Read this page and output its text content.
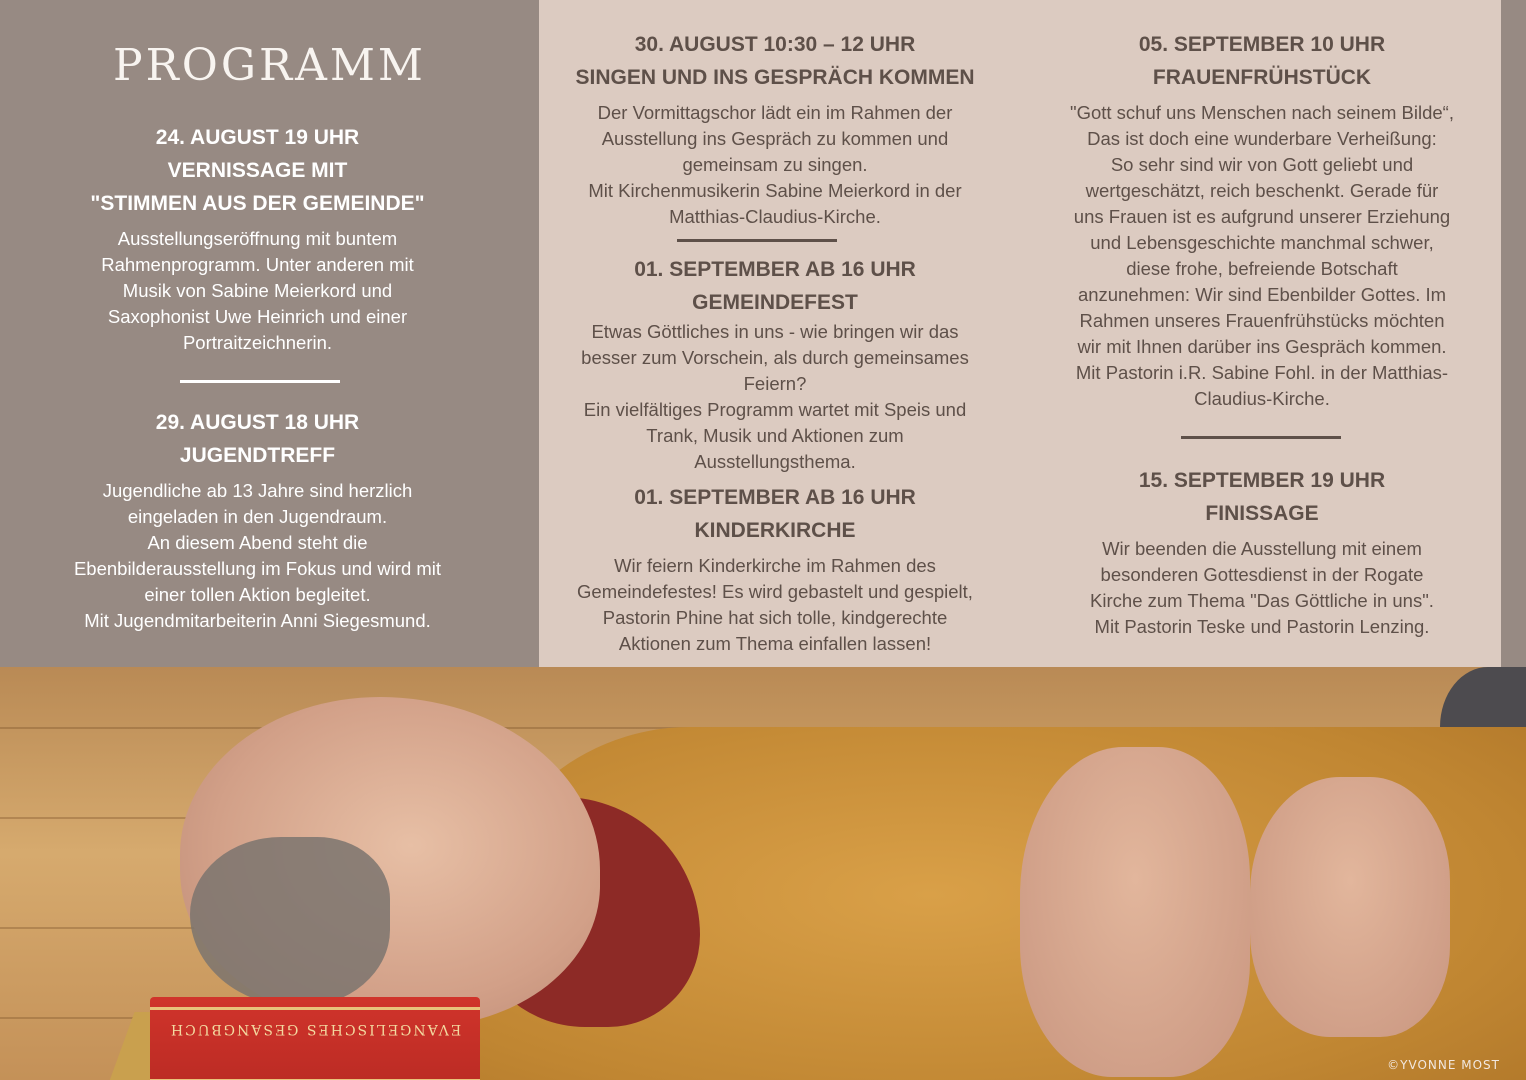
PROGRAMM

24. AUGUST 19 UHR

VERNISSAGE MIT

"STIMMEN AUS DER GEMEINDE"

Ausstellungseröffnung mit buntem
Rahmenprogramm. Unter anderen mit
Musik von Sabine Meierkord und
Saxophonist Uwe Heinrich und einer
Portraitzeichnerin.

29. AUGUST 18 UHR

JUGENDTREFF

Jugendliche ab 13 Jahre sind herzlich
eingeladen in den Jugendraum.
An diesem Abend steht die
Ebenbilderausstellung im Fokus und wird mit
einer tollen Aktion begleitet.
Mit Jugendmitarbeiterin Anni Siegesmund.

30. AUGUST 10:30 – 12 UHR

SINGEN UND INS GESPRÄCH KOMMEN

Der Vormittagschor lädt ein im Rahmen der
Ausstellung ins Gespräch zu kommen und
gemeinsam zu singen.
Mit Kirchenmusikerin Sabine Meierkord in der
Matthias-Claudius-Kirche.

01. SEPTEMBER AB 16 UHR

GEMEINDEFEST

Etwas Göttliches in uns - wie bringen wir das
besser zum Vorschein, als durch gemeinsames
Feiern?
Ein vielfältiges Programm wartet mit Speis und
Trank, Musik und Aktionen zum
Ausstellungsthema.

01. SEPTEMBER AB 16 UHR

KINDERKIRCHE

Wir feiern Kinderkirche im Rahmen des
Gemeindefestes! Es wird gebastelt und gespielt,
Pastorin Phine hat sich tolle, kindgerechte
Aktionen zum Thema einfallen lassen!

05. SEPTEMBER 10 UHR

FRAUENFRÜHSTÜCK

"Gott schuf uns Menschen nach seinem Bilde“,
Das ist doch eine wunderbare Verheißung:
So sehr sind wir von Gott geliebt und
wertgeschätzt, reich beschenkt. Gerade für
uns Frauen ist es aufgrund unserer Erziehung
und Lebensgeschichte manchmal schwer,
diese frohe, befreiende Botschaft
anzunehmen: Wir sind Ebenbilder Gottes. Im
Rahmen unseres Frauenfrühstücks möchten
wir mit Ihnen darüber ins Gespräch kommen.
Mit Pastorin i.R. Sabine Fohl. in der Matthias-
Claudius-Kirche.

15. SEPTEMBER 19 UHR

FINISSAGE

Wir beenden die Ausstellung mit einem
besonderen Gottesdienst in der Rogate
Kirche zum Thema "Das Göttliche in uns".
Mit Pastorin Teske und Pastorin Lenzing.

EVANGELISCHES GESANGBUCH
©YVONNE MOST
